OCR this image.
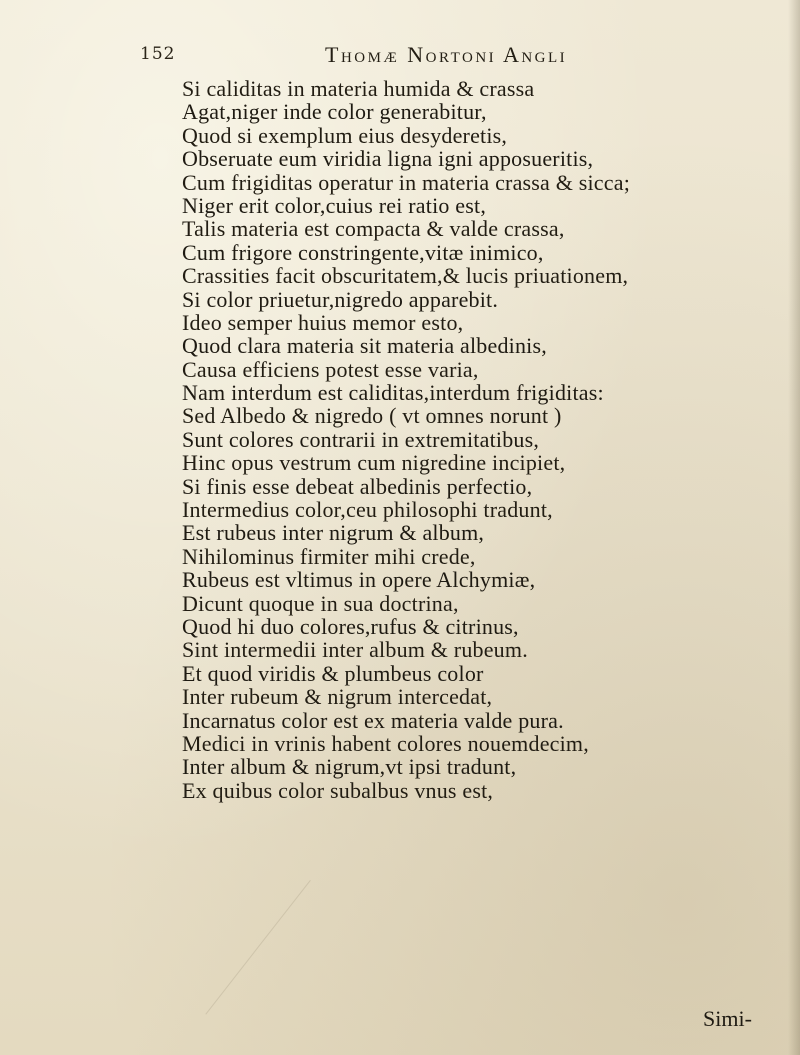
152	Thomæ Nortoni Angli
Si caliditas in materia humida & crassa
Agat,niger inde color generabitur,
Quod si exemplum eius desyderetis,
Obseruate eum viridia ligna igni apposueritis,
Cum frigiditas operatur in materia crassa & sicca;
Niger erit color,cuius rei ratio est,
Talis materia est compacta & valde crassa,
Cum frigore constringente,vitæ inimico,
Crassities facit obscuritatem,& lucis priuationem,
Si color priuetur,nigredo apparebit.
Ideo semper huius memor esto,
Quod clara materia sit materia albedinis,
Causa efficiens potest esse varia,
Nam interdum est caliditas,interdum frigiditas:
Sed Albedo & nigredo ( vt omnes norunt )
Sunt colores contrarii in extremitatibus,
Hinc opus vestrum cum nigredine incipiet,
Si finis esse debeat albedinis perfectio,
Intermedius color,ceu philosophi tradunt,
Est rubeus inter nigrum & album,
Nihilominus firmiter mihi crede,
Rubeus est vltimus in opere Alchymiæ,
Dicunt quoque in sua doctrina,
Quod hi duo colores,rufus & citrinus,
Sint intermedii inter album & rubeum.
Et quod viridis & plumbeus color
Inter rubeum & nigrum intercedat,
Incarnatus color est ex materia valde pura.
Medici in vrinis habent colores nouemdecim,
Inter album & nigrum,vt ipsi tradunt,
Ex quibus color subalbus vnus est,
Simi-
